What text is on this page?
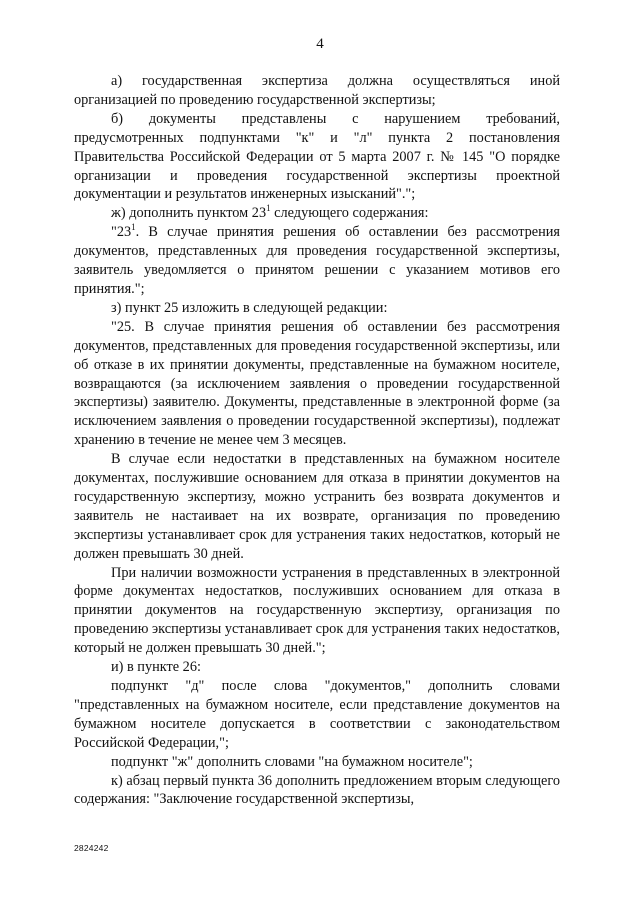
4

а) государственная экспертиза должна осуществляться иной организацией по проведению государственной экспертизы;

б) документы представлены с нарушением требований, предусмотренных подпунктами "к" и "л" пункта 2 постановления Правительства Российской Федерации от 5 марта 2007 г. № 145 "О порядке организации и проведения государственной экспертизы проектной документации и результатов инженерных изысканий".";

ж) дополнить пунктом $23^1$ следующего содержания:

"$23^1$. В случае принятия решения об оставлении без рассмотрения документов, представленных для проведения государственной экспертизы, заявитель уведомляется о принятом решении с указанием мотивов его принятия.";

з) пункт 25 изложить в следующей редакции:

"25. В случае принятия решения об оставлении без рассмотрения документов, представленных для проведения государственной экспертизы, или об отказе в их принятии документы, представленные на бумажном носителе, возвращаются (за исключением заявления о проведении государственной экспертизы) заявителю. Документы, представленные в электронной форме (за исключением заявления о проведении государственной экспертизы), подлежат хранению в течение не менее чем 3 месяцев.

В случае если недостатки в представленных на бумажном носителе документах, послужившие основанием для отказа в принятии документов на государственную экспертизу, можно устранить без возврата документов и заявитель не настаивает на их возврате, организация по проведению экспертизы устанавливает срок для устранения таких недостатков, который не должен превышать 30 дней.

При наличии возможности устранения в представленных в электронной форме документах недостатков, послуживших основанием для отказа в принятии документов на государственную экспертизу, организация по проведению экспертизы устанавливает срок для устранения таких недостатков, который не должен превышать 30 дней.";

и) в пункте 26:

подпункт "д" после слова "документов," дополнить словами "представленных на бумажном носителе, если представление документов на бумажном носителе допускается в соответствии с законодательством Российской Федерации,";

подпункт "ж" дополнить словами "на бумажном носителе";

к) абзац первый пункта 36 дополнить предложением вторым следующего содержания: "Заключение государственной экспертизы,

2824242
